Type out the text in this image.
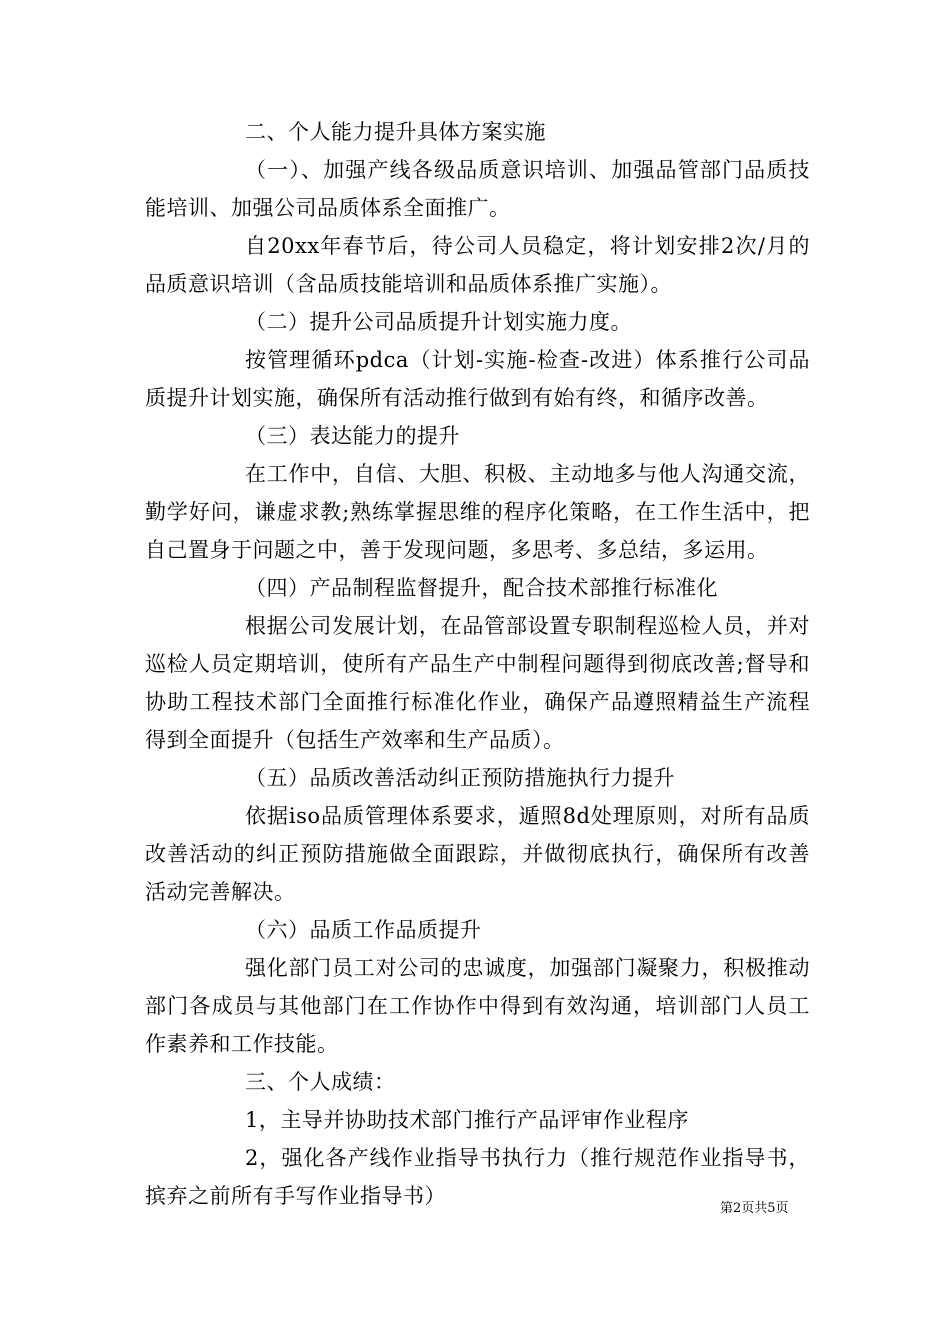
二、个人能力提升具体方案实施

（一）、加强产线各级品质意识培训、加强品管部门品质技能培训、加强公司品质体系全面推广。

自20xx年春节后，待公司人员稳定，将计划安排2次/月的品质意识培训（含品质技能培训和品质体系推广实施）。

（二）提升公司品质提升计划实施力度。

按管理循环pdca（计划-实施-检查-改进）体系推行公司品质提升计划实施，确保所有活动推行做到有始有终，和循序改善。

（三）表达能力的提升

在工作中，自信、大胆、积极、主动地多与他人沟通交流，勤学好问，谦虚求教;熟练掌握思维的程序化策略，在工作生活中，把自己置身于问题之中，善于发现问题，多思考、多总结，多运用。

（四）产品制程监督提升，配合技术部推行标准化

根据公司发展计划，在品管部设置专职制程巡检人员，并对巡检人员定期培训，使所有产品生产中制程问题得到彻底改善;督导和协助工程技术部门全面推行标准化作业，确保产品遵照精益生产流程得到全面提升（包括生产效率和生产品质）。

（五）品质改善活动纠正预防措施执行力提升

依据iso品质管理体系要求，遁照8d处理原则，对所有品质改善活动的纠正预防措施做全面跟踪，并做彻底执行，确保所有改善活动完善解决。

（六）品质工作品质提升

强化部门员工对公司的忠诚度，加强部门凝聚力，积极推动部门各成员与其他部门在工作协作中得到有效沟通，培训部门人员工作素养和工作技能。

三、个人成绩：

1，主导并协助技术部门推行产品评审作业程序

2，强化各产线作业指导书执行力（推行规范作业指导书，摈弃之前所有手写作业指导书）

第2页共5页
